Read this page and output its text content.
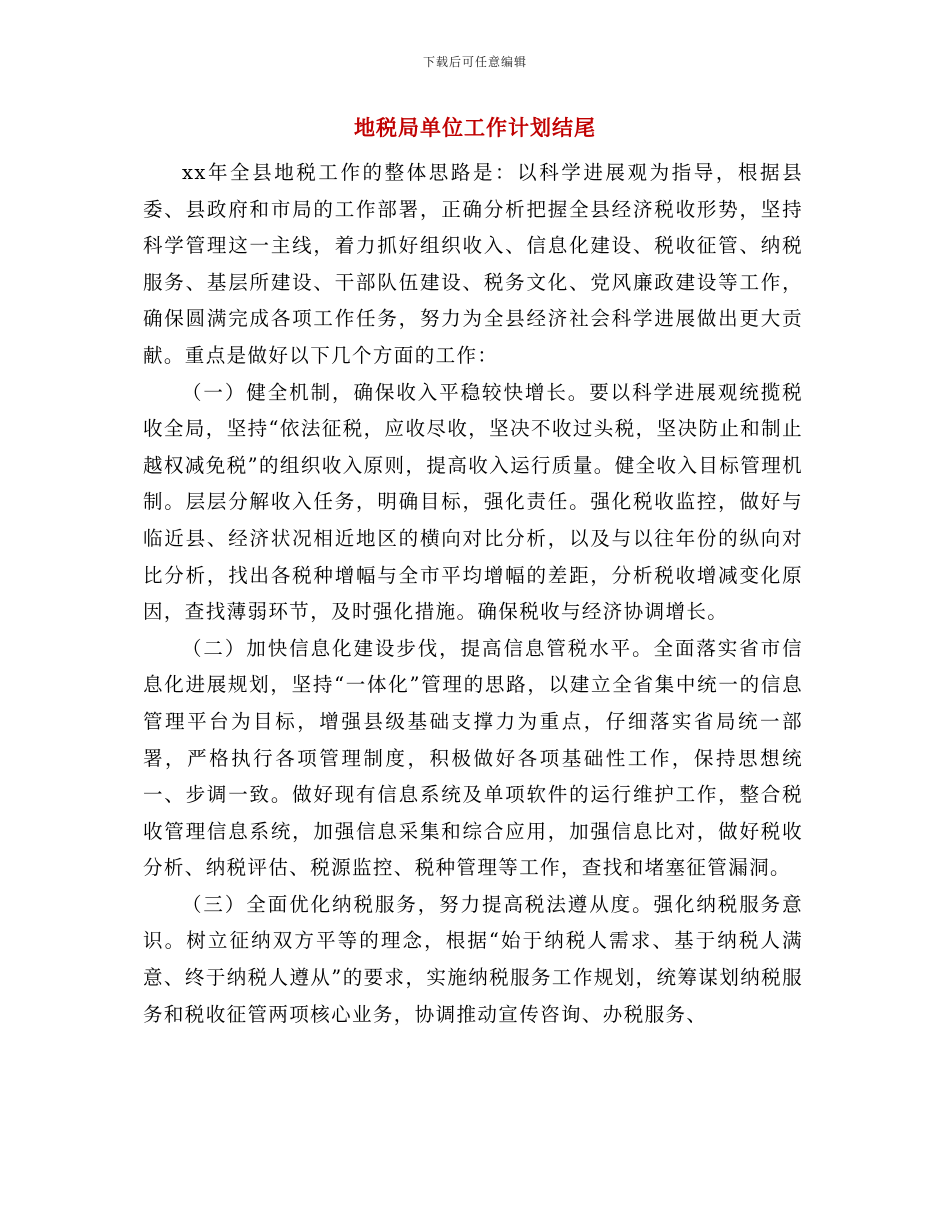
下载后可任意编辑
地税局单位工作计划结尾

xx年全县地税工作的整体思路是：以科学进展观为指导，根据县委、县政府和市局的工作部署，正确分析把握全县经济税收形势，坚持科学管理这一主线，着力抓好组织收入、信息化建设、税收征管、纳税服务、基层所建设、干部队伍建设、税务文化、党风廉政建设等工作，确保圆满完成各项工作任务，努力为全县经济社会科学进展做出更大贡献。重点是做好以下几个方面的工作：

（一）健全机制，确保收入平稳较快增长。要以科学进展观统揽税收全局，坚持“依法征税，应收尽收，坚决不收过头税，坚决防止和制止越权减免税”的组织收入原则，提高收入运行质量。健全收入目标管理机制。层层分解收入任务，明确目标，强化责任。强化税收监控，做好与临近县、经济状况相近地区的横向对比分析，以及与以往年份的纵向对比分析，找出各税种增幅与全市平均增幅的差距，分析税收增减变化原因，查找薄弱环节，及时强化措施。确保税收与经济协调增长。

（二）加快信息化建设步伐，提高信息管税水平。全面落实省市信息化进展规划，坚持“一体化”管理的思路，以建立全省集中统一的信息管理平台为目标，增强县级基础支撑力为重点，仔细落实省局统一部署，严格执行各项管理制度，积极做好各项基础性工作，保持思想统一、步调一致。做好现有信息系统及单项软件的运行维护工作，整合税收管理信息系统，加强信息采集和综合应用，加强信息比对，做好税收分析、纳税评估、税源监控、税种管理等工作，查找和堵塞征管漏洞。

（三）全面优化纳税服务，努力提高税法遵从度。强化纳税服务意识。树立征纳双方平等的理念，根据“始于纳税人需求、基于纳税人满意、终于纳税人遵从”的要求，实施纳税服务工作规划，统筹谋划纳税服务和税收征管两项核心业务，协调推动宣传咨询、办税服务、
